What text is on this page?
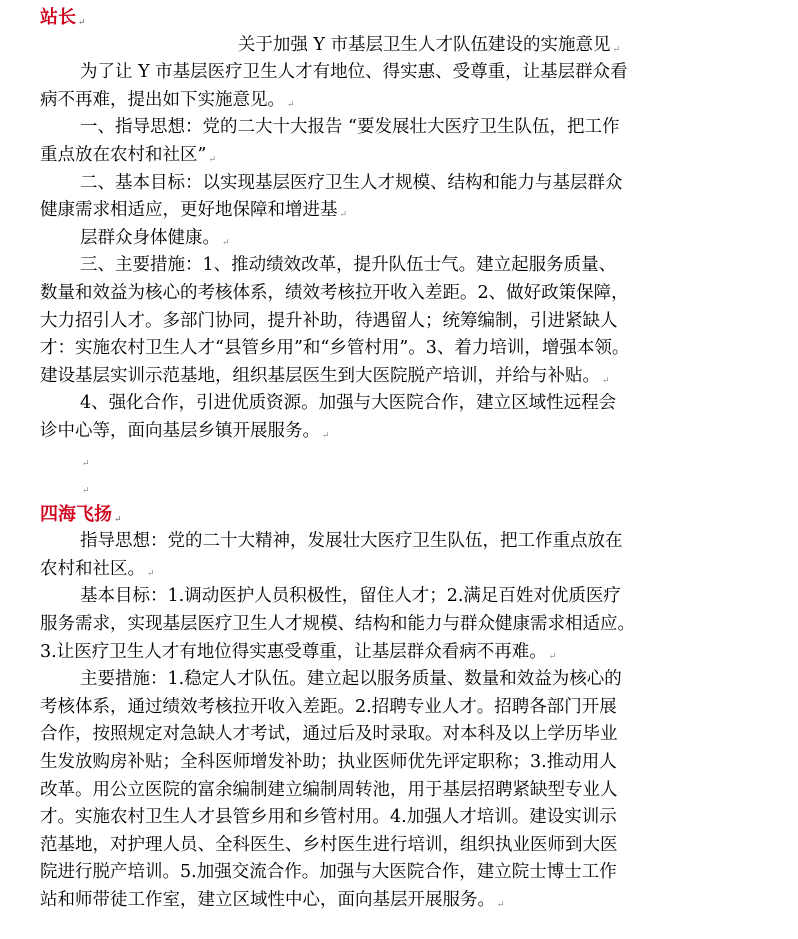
站长 ↵
关于加强 Y 市基层卫生人才队伍建设的实施意见 ↵
为了让 Y 市基层医疗卫生人才有地位、得实惠、受尊重，让基层群众看
病不再难，提出如下实施意见。 ↵
一、指导思想：党的二大十大报告 “要发展壮大医疗卫生队伍，把工作
重点放在农村和社区” ↵
二、基本目标：以实现基层医疗卫生人才规模、结构和能力与基层群众
健康需求相适应，更好地保障和增进基 ↵
层群众身体健康。 ↵
三、主要措施：1、推动绩效改革，提升队伍士气。建立起服务质量、
数量和效益为核心的考核体系，绩效考核拉开收入差距。2、做好政策保障，
大力招引人才。多部门协同，提升补助，待遇留人；统筹编制，引进紧缺人
才：实施农村卫生人才“县管乡用”和“乡管村用”。3、着力培训，增强本领。
建设基层实训示范基地，组织基层医生到大医院脱产培训，并给与补贴。 ↵
4、强化合作，引进优质资源。加强与大医院合作，建立区域性远程会
诊中心等，面向基层乡镇开展服务。 ↵
↵
↵
四海飞扬 ↵
指导思想：党的二十大精神，发展壮大医疗卫生队伍，把工作重点放在
农村和社区。 ↵
基本目标：1.调动医护人员积极性，留住人才；2.满足百姓对优质医疗
服务需求，实现基层医疗卫生人才规模、结构和能力与群众健康需求相适应。
3.让医疗卫生人才有地位得实惠受尊重，让基层群众看病不再难。 ↵
主要措施：1.稳定人才队伍。建立起以服务质量、数量和效益为核心的
考核体系，通过绩效考核拉开收入差距。2.招聘专业人才。招聘各部门开展
合作，按照规定对急缺人才考试，通过后及时录取。对本科及以上学历毕业
生发放购房补贴；全科医师增发补助；执业医师优先评定职称；3.推动用人
改革。用公立医院的富余编制建立编制周转池，用于基层招聘紧缺型专业人
才。实施农村卫生人才县管乡用和乡管村用。4.加强人才培训。建设实训示
范基地，对护理人员、全科医生、乡村医生进行培训，组织执业医师到大医
院进行脱产培训。5.加强交流合作。加强与大医院合作，建立院士博士工作
站和师带徒工作室，建立区域性中心，面向基层开展服务。 ↵
